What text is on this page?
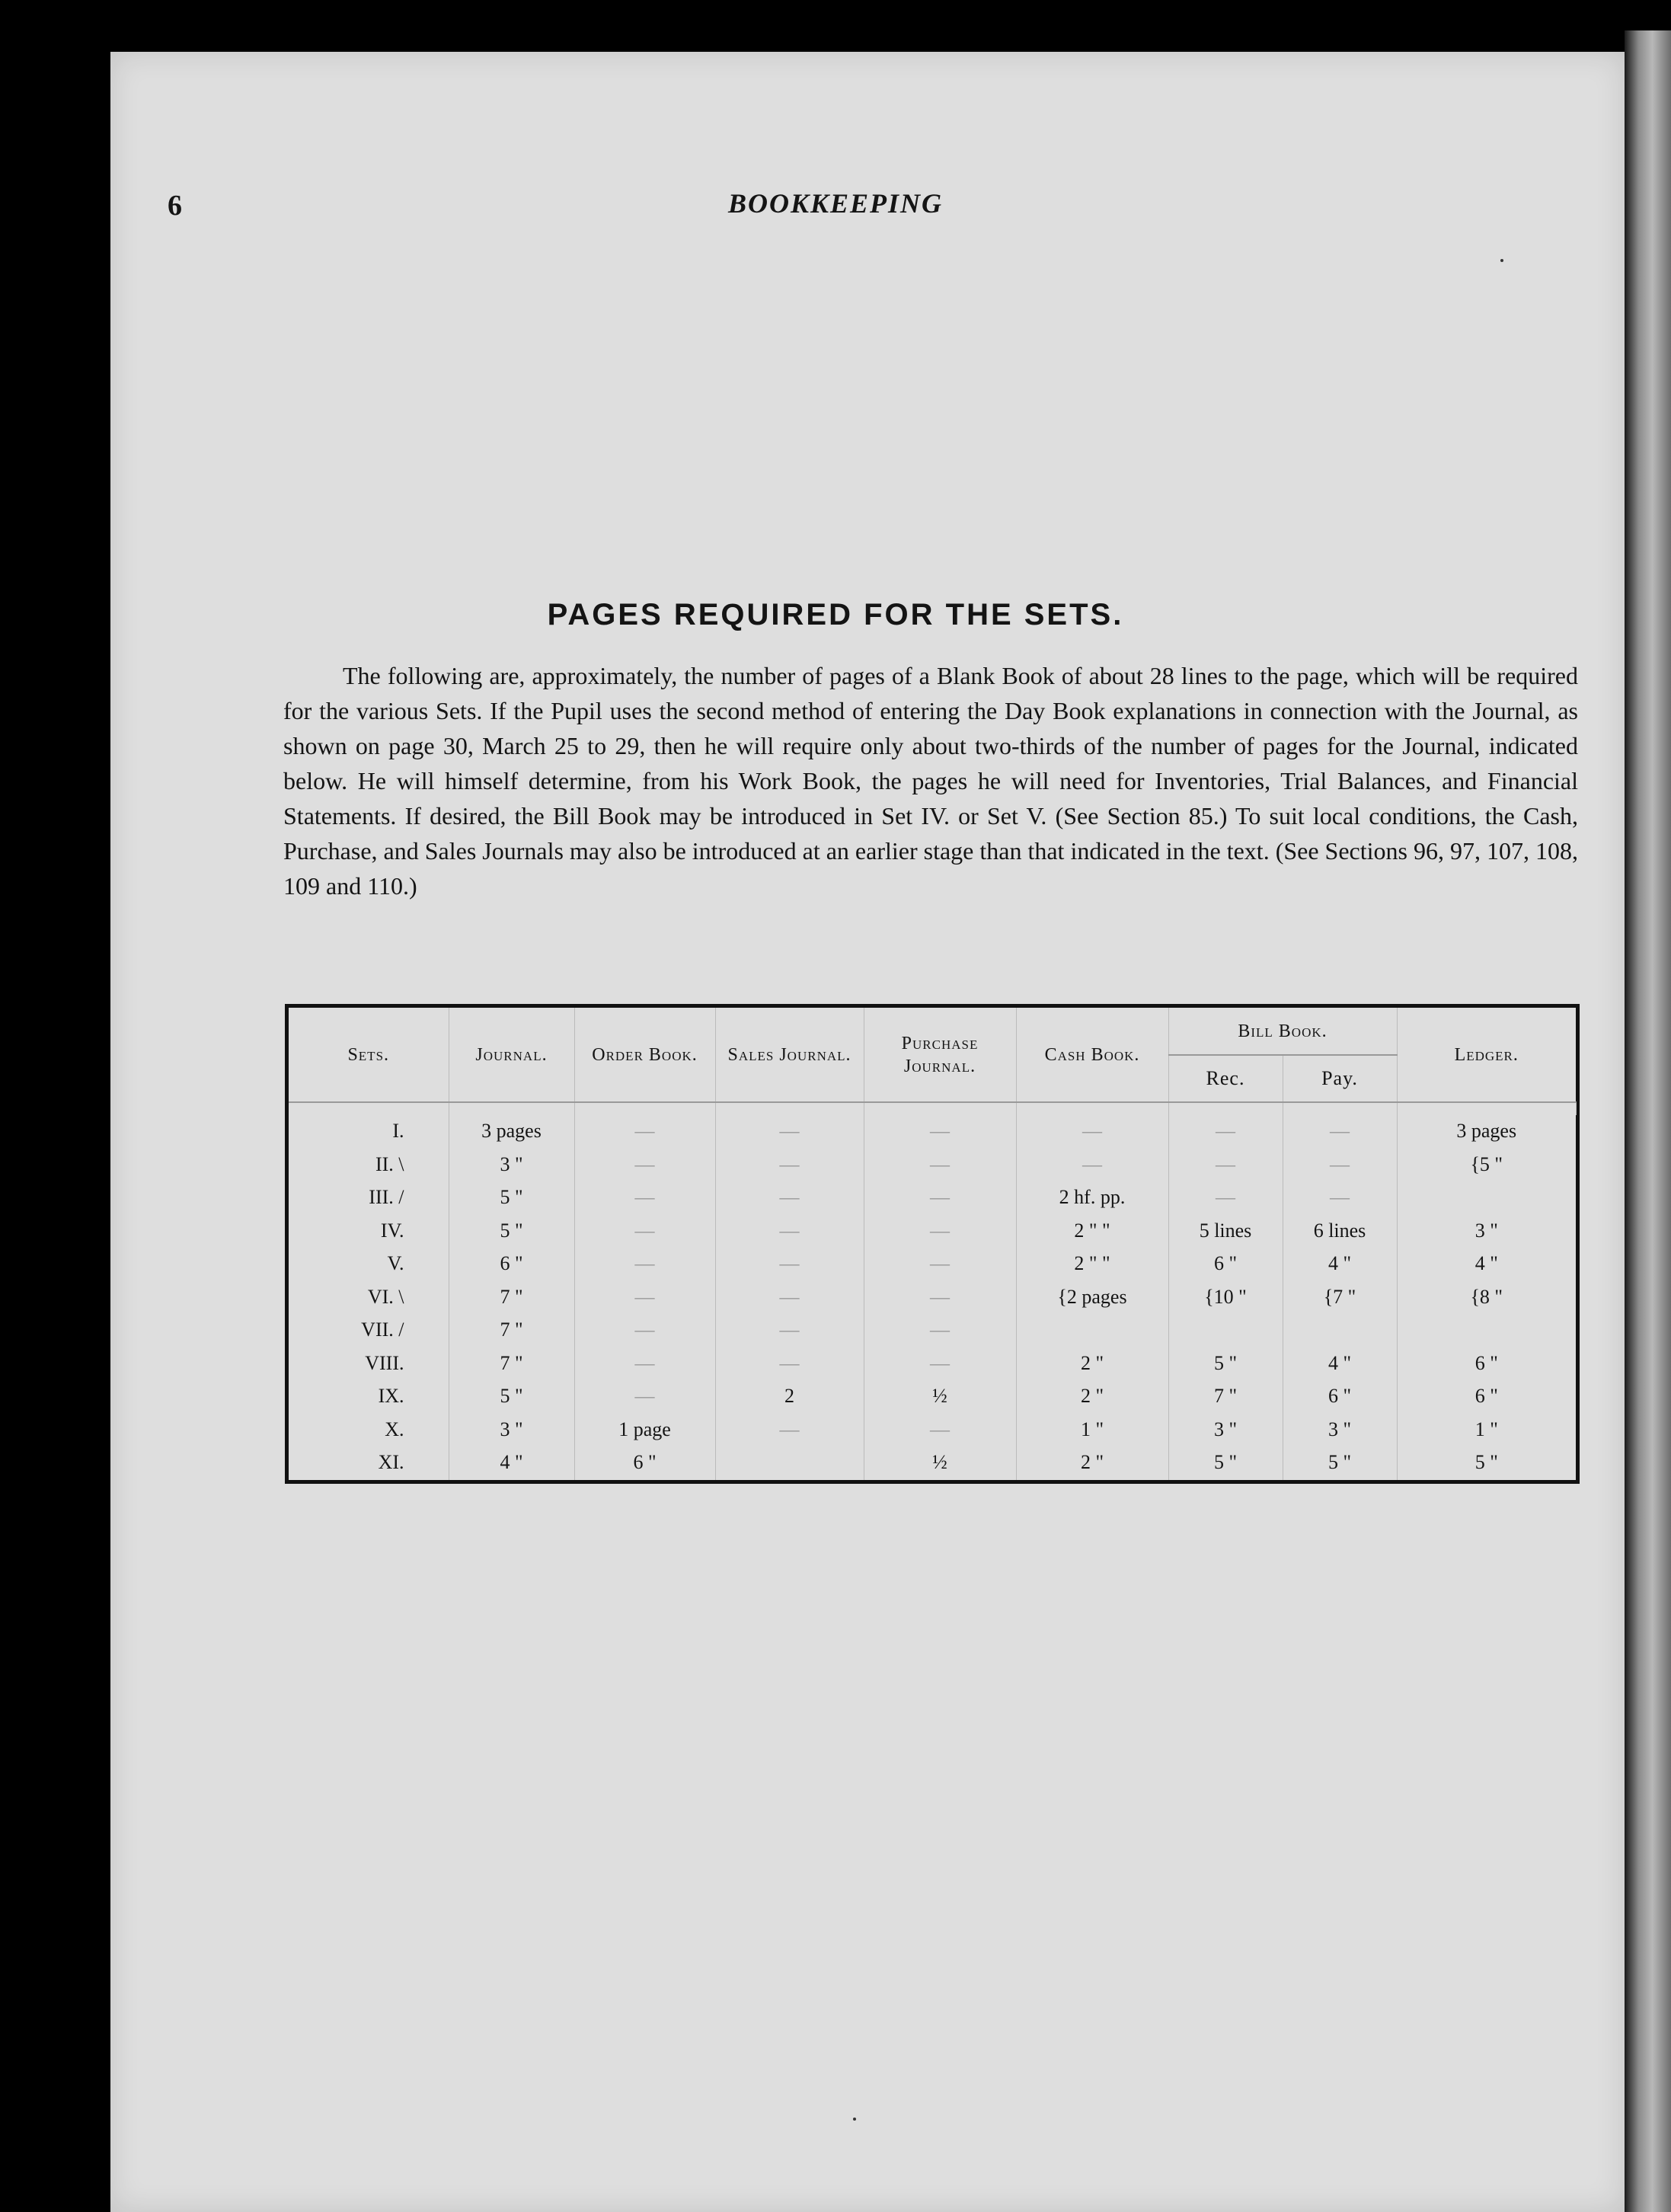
6	BOOKKEEPING
PAGES REQUIRED FOR THE SETS.
The following are, approximately, the number of pages of a Blank Book of about 28 lines to the page, which will be required for the various Sets. If the Pupil uses the second method of entering the Day Book explanations in connection with the Journal, as shown on page 30, March 25 to 29, then he will require only about two-thirds of the number of pages for the Journal, indicated below. He will himself determine, from his Work Book, the pages he will need for Inventories, Trial Balances, and Financial Statements. If desired, the Bill Book may be introduced in Set IV. or Set V. (See Section 85.) To suit local conditions, the Cash, Purchase, and Sales Journals may also be introduced at an earlier stage than that indicated in the text. (See Sections 96, 97, 107, 108, 109 and 110.)
Sets.	Journal.	Order Book.	Sales Journal.	Purchase Journal.	Cash Book.	Bill Book.		Ledger.
						Rec.	Pay.	

I.	3 pages	—	—	—	—	—	—	3 pages
II. \	3 "	—	—	—	—	—	—	{5 "
III. /	5 "	—	—	—	2 hf. pp.	—	—	
IV.	5 "	—	—	—	2 " "	5 lines	6 lines	3 "
V.	6 "	—	—	—	2 " "	6 "	4 "	4 "
VI. \	7 "	—	—	—	{2 pages	{10 "	{7 "	{8 "
VII. /	7 "	—	—	—				
VIII.	7 "	—	—	—	2 "	5 "	4 "	6 "
IX.	5 "	—	2	½	2 "	7 "	6 "	6 "
X.	3 "	1 page	—	—	1 "	3 "	3 "	1 "
XI.	4 "	6 "		½	2 "	5 "	5 "	5 "
